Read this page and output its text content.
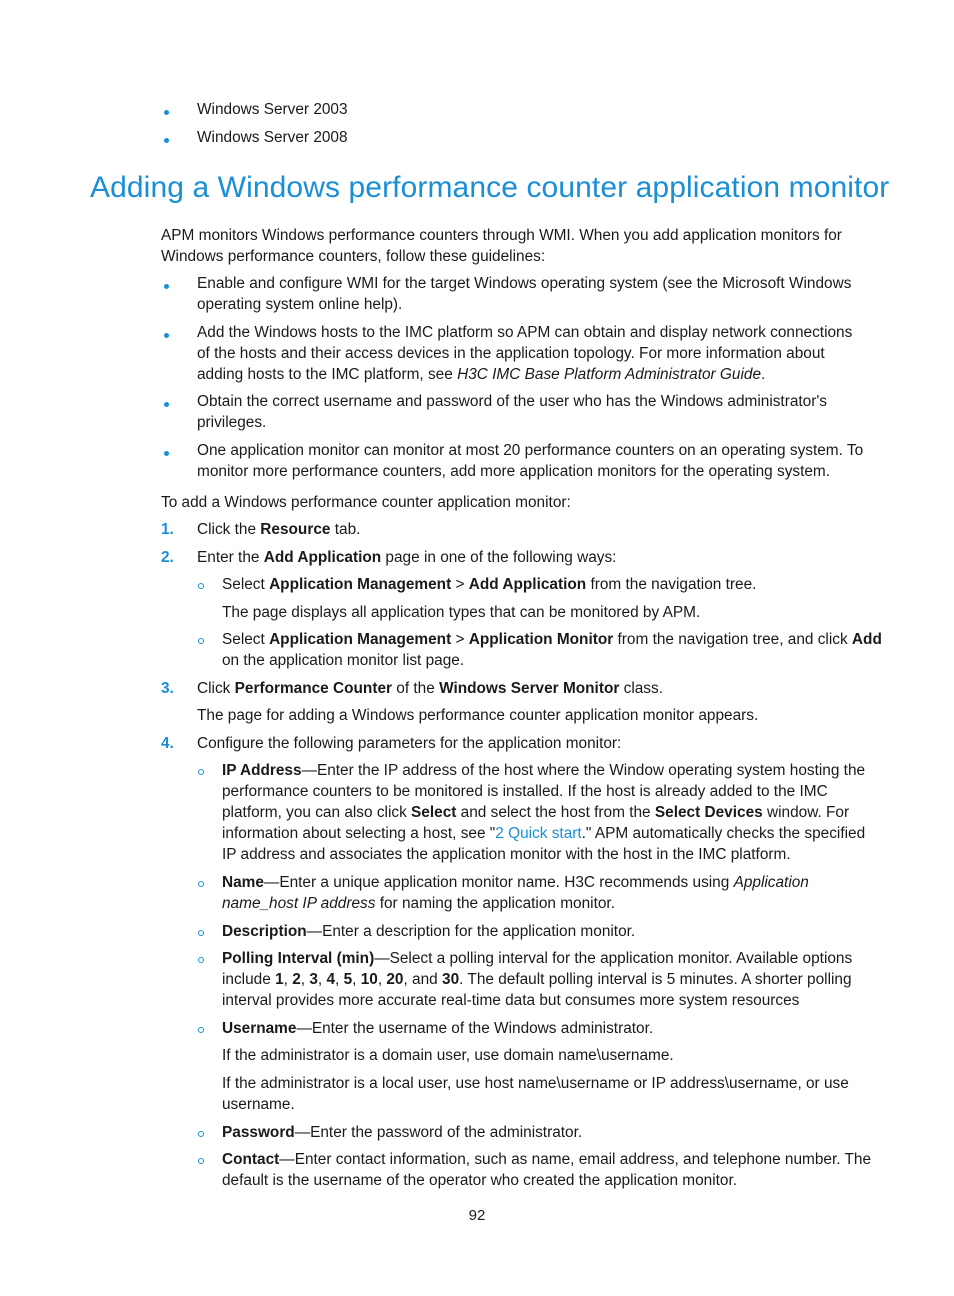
Windows Server 2003
Windows Server 2008
Adding a Windows performance counter application monitor
APM monitors Windows performance counters through WMI. When you add application monitors for
Windows performance counters, follow these guidelines:
Enable and configure WMI for the target Windows operating system (see the Microsoft Windows
operating system online help).
Add the Windows hosts to the IMC platform so APM can obtain and display network connections
of the hosts and their access devices in the application topology. For more information about
adding hosts to the IMC platform, see H3C IMC Base Platform Administrator Guide.
Obtain the correct username and password of the user who has the Windows administrator's
privileges.
One application monitor can monitor at most 20 performance counters on an operating system. To
monitor more performance counters, add more application monitors for the operating system.
To add a Windows performance counter application monitor:
1. Click the Resource tab.
2. Enter the Add Application page in one of the following ways:
Select Application Management > Add Application from the navigation tree.
The page displays all application types that can be monitored by APM.
Select Application Management > Application Monitor from the navigation tree, and click Add
on the application monitor list page.
3. Click Performance Counter of the Windows Server Monitor class.
The page for adding a Windows performance counter application monitor appears.
4. Configure the following parameters for the application monitor:
IP Address—Enter the IP address of the host where the Window operating system hosting the
performance counters to be monitored is installed. If the host is already added to the IMC
platform, you can also click Select and select the host from the Select Devices window. For
information about selecting a host, see "2 Quick start." APM automatically checks the specified
IP address and associates the application monitor with the host in the IMC platform.
Name—Enter a unique application monitor name. H3C recommends using Application
name_host IP address for naming the application monitor.
Description—Enter a description for the application monitor.
Polling Interval (min)—Select a polling interval for the application monitor. Available options
include 1, 2, 3, 4, 5, 10, 20, and 30. The default polling interval is 5 minutes. A shorter polling
interval provides more accurate real-time data but consumes more system resources
Username—Enter the username of the Windows administrator.
If the administrator is a domain user, use domain name\username.
If the administrator is a local user, use host name\username or IP address\username, or use
username.
Password—Enter the password of the administrator.
Contact—Enter contact information, such as name, email address, and telephone number. The
default is the username of the operator who created the application monitor.
92
